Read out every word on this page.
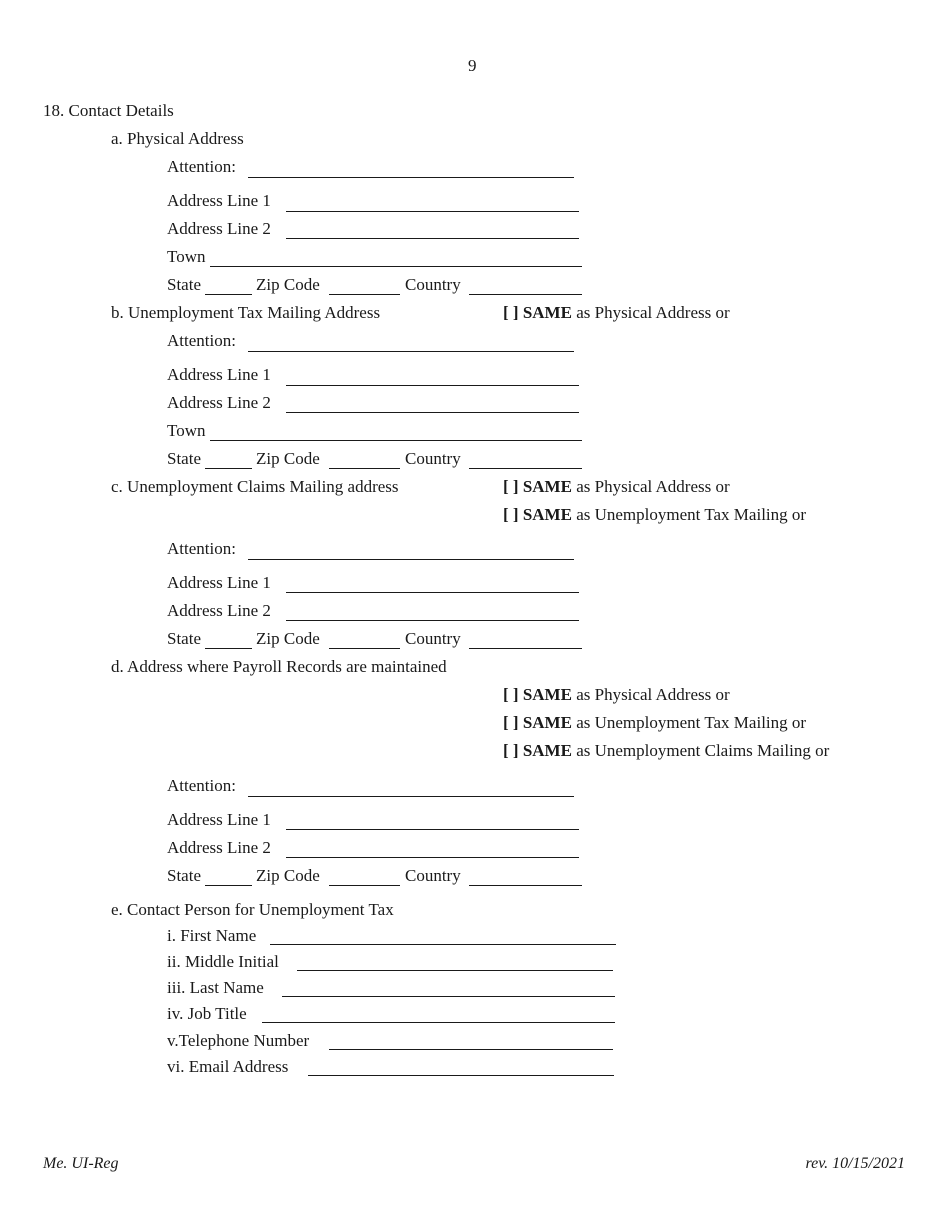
9
18. Contact Details
a. Physical Address
Attention:
Address Line 1
Address Line 2
Town
State	Zip Code	Country
b. Unemployment Tax Mailing Address	[ ] SAME as Physical Address or
Attention:
Address Line 1
Address Line 2
Town
State	Zip Code	Country
c. Unemployment Claims Mailing address	[ ] SAME as Physical Address or
[ ] SAME as Unemployment Tax Mailing or
Attention:
Address Line 1
Address Line 2
State	Zip Code	Country
d. Address where Payroll Records are maintained
[ ] SAME as Physical Address or
[ ] SAME as Unemployment Tax Mailing or
[ ] SAME as Unemployment Claims Mailing or
Attention:
Address Line 1
Address Line 2
State	Zip Code	Country
e. Contact Person for Unemployment Tax
i. First Name
ii. Middle Initial
iii. Last Name
iv. Job Title
v.Telephone Number
vi. Email Address
Me. UI-Reg	rev. 10/15/2021
